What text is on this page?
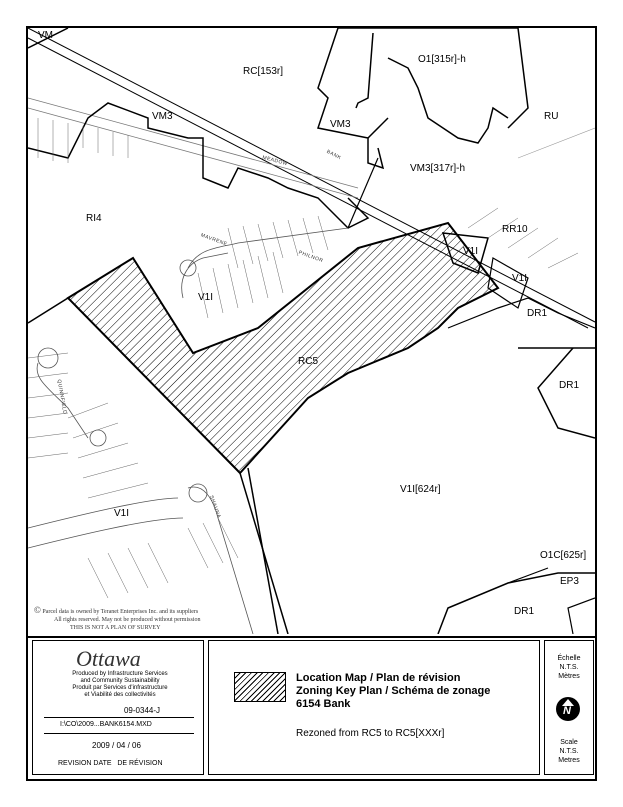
VM
RC[153r]
O1[315r]-h
VM3
VM3
RU
VM3[317r]-h
RI4
RR10
V1I
V1I
V1I
DR1
RC5
DR1
V1I[624r]
V1I
O1C[625r]
EP3
DR1
BANK
MEADOW
MAVRENE
PHILNOR
QUINNFIELD
SHAUNA
© Parcel data is owned by Teranet Enterprises Inc. and its suppliers
All rights reserved. May not be produced without permission
THIS IS NOT A PLAN OF SURVEY
Ottawa
Produced by Infrastructure Services
and Community Sustainability
Produit par Services d'infrastructure
et Viabilité des collectivités
09-0344-J
I:\CO\2009...BANK6154.MXD
2009 / 04 / 06
REVISION DATE   DE RÉVISION
Location Map / Plan de révision
Zoning Key Plan / Schéma de zonage
6154 Bank
Rezoned from RC5 to RC5[XXXr]
Échelle
N.T.S.
Mètres
N
Scale
N.T.S.
Metres
